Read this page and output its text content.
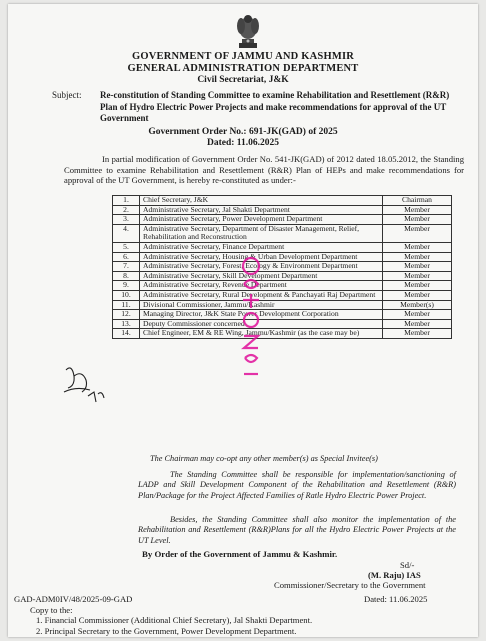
GOVERNMENT OF JAMMU AND KASHMIR
GENERAL ADMINISTRATION DEPARTMENT
Civil Secretariat, J&K
Subject: Re-constitution of Standing Committee to examine Rehabilitation and Resettlement (R&R) Plan of Hydro Electric Power Projects and make recommendations for approval of the UT Government
Government Order No.: 691-JK(GAD) of 2025
Dated: 11.06.2025
In partial modification of Government Order No. 541-JK(GAD) of 2012 dated 18.05.2012, the Standing Committee to examine Rehabilitation and Resettlement (R&R) Plan of HEPs and make recommendations for approval of the UT Government, is hereby re-constituted as under:-
1.	Chief Secretary, J&K	Chairman
2.	Administrative Secretary, Jal Shakti Department	Member
3.	Administrative Secretary, Power Development Department	Member
4.	Administrative Secretary, Department of Disaster Management, Relief, Rehabilitation and Reconstruction	Member
5.	Administrative Secretary, Finance Department	Member
6.	Administrative Secretary, Housing & Urban Development Department	Member
7.	Administrative Secretary, Forest, Ecology & Environment Department	Member
8.	Administrative Secretary, Skill Development Department	Member
9.	Administrative Secretary, Revenue Department	Member
10.	Administrative Secretary, Rural Development & Panchayati Raj Department	Member
11.	Divisional Commissioner, Jammu/Kashmir	Member(s)
12.	Managing Director, J&K State Power Development Corporation	Member
13.	Deputy Commissioner concerned	Member
14.	Chief Engineer, EM & RE Wing, Jammu/Kashmir (as the case may be)	Member
The Chairman may co-opt any other member(s) as Special Invitee(s)
The Standing Committee shall be responsible for implementation/sanctioning of LADP and Skill Development Component of the Rehabilitation and Resettlement (R&R) Plan/Package for the Project Affected Families of Ratle Hydro Electric Power Project.
Besides, the Standing Committee shall also monitor the implementation of the Rehabilitation and Resettlement (R&R)Plans for all the Hydro Electric Power Projects at the UT Level.
By Order of the Government of Jammu & Kashmir.
Sd/-
(M. Raju) IAS
Commissioner/Secretary to the Government
GAD-ADM0IV/48/2025-09-GAD	Dated: 11.06.2025
Copy to the:
1. Financial Commissioner (Additional Chief Secretary), Jal Shakti Department.
2. Principal Secretary to the Government, Power Development Department.
